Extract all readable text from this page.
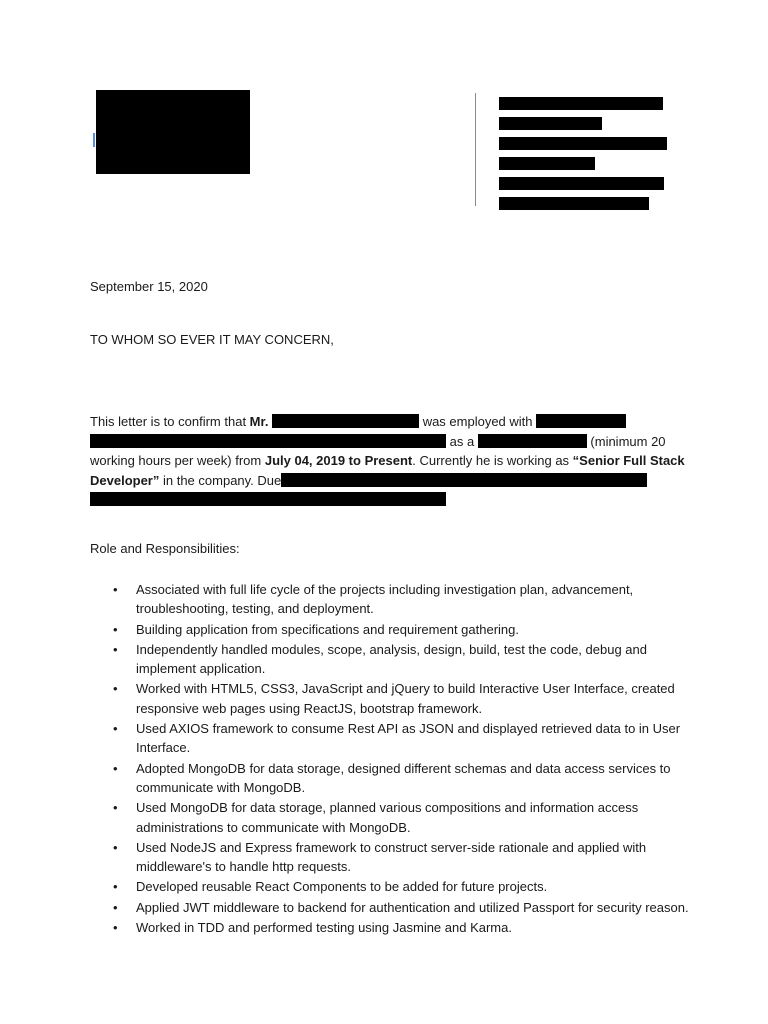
September 15, 2020
TO WHOM SO EVER IT MAY CONCERN,
This letter is to confirm that Mr.	was employed with   as a	(minimum 20 working hours per week) from July 04, 2019 to Present. Currently he is working as “Senior Full Stack Developer” in the company. Due
Role and Responsibilities:
• Associated with full life cycle of the projects including investigation plan, advancement, troubleshooting, testing, and deployment.
• Building application from specifications and requirement gathering.
• Independently handled modules, scope, analysis, design, build, test the code, debug and implement application.
• Worked with HTML5, CSS3, JavaScript and jQuery to build Interactive User Interface, created responsive web pages using ReactJS, bootstrap framework.
• Used AXIOS framework to consume Rest API as JSON and displayed retrieved data to in User Interface.
• Adopted MongoDB for data storage, designed different schemas and data access services to communicate with MongoDB.
• Used MongoDB for data storage, planned various compositions and information access administrations to communicate with MongoDB.
• Used NodeJS and Express framework to construct server-side rationale and applied with middleware's to handle http requests.
• Developed reusable React Components to be added for future projects.
• Applied JWT middleware to backend for authentication and utilized Passport for security reason.
• Worked in TDD and performed testing using Jasmine and Karma.
